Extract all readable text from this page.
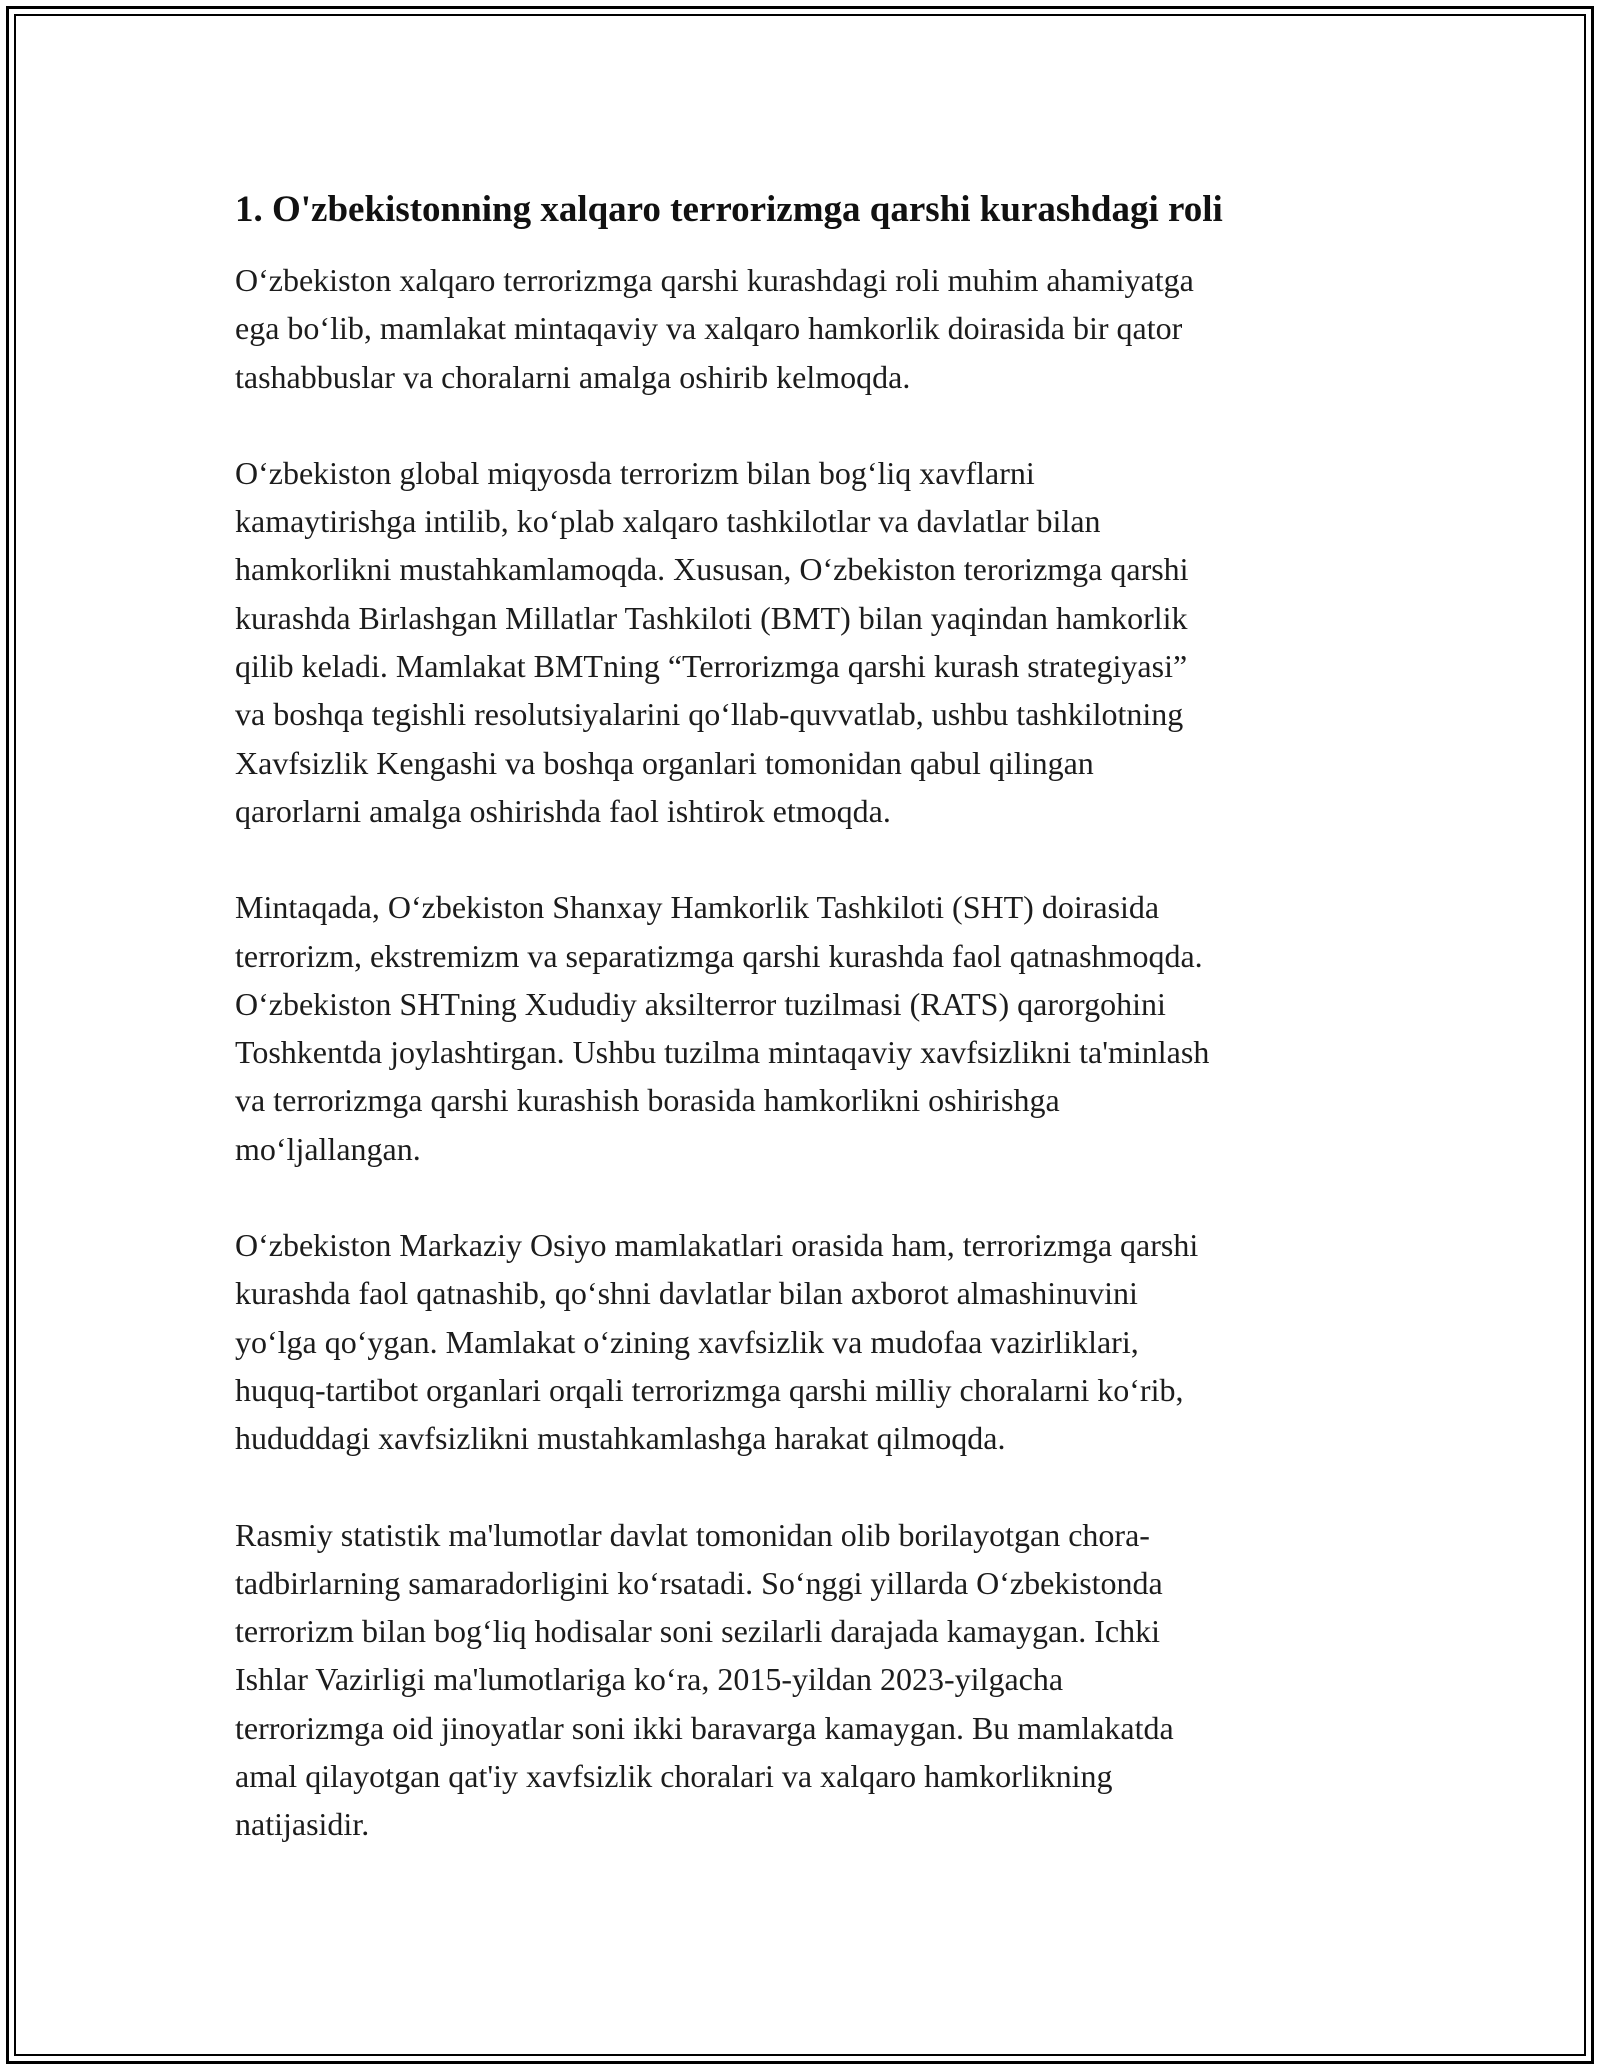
1. O'zbekistonning xalqaro terrorizmga qarshi kurashdagi roli
O‘zbekiston xalqaro terrorizmga qarshi kurashdagi roli muhim ahamiyatga
ega bo‘lib, mamlakat mintaqaviy va xalqaro hamkorlik doirasida bir qator
tashabbuslar va choralarni amalga oshirib kelmoqda.
O‘zbekiston global miqyosda terrorizm bilan bog‘liq xavflarni
kamaytirishga intilib, ko‘plab xalqaro tashkilotlar va davlatlar bilan
hamkorlikni mustahkamlamoqda. Xususan, O‘zbekiston terorizmga qarshi
kurashda Birlashgan Millatlar Tashkiloti (BMT) bilan yaqindan hamkorlik
qilib keladi. Mamlakat BMTning “Terrorizmga qarshi kurash strategiyasi”
va boshqa tegishli resolutsiyalarini qo‘llab-quvvatlab, ushbu tashkilotning
Xavfsizlik Kengashi va boshqa organlari tomonidan qabul qilingan
qarorlarni amalga oshirishda faol ishtirok etmoqda.
Mintaqada, O‘zbekiston Shanxay Hamkorlik Tashkiloti (SHT) doirasida
terrorizm, ekstremizm va separatizmga qarshi kurashda faol qatnashmoqda.
O‘zbekiston SHTning Xududiy aksilterror tuzilmasi (RATS) qarorgohini
Toshkentda joylashtirgan. Ushbu tuzilma mintaqaviy xavfsizlikni ta'minlash
va terrorizmga qarshi kurashish borasida hamkorlikni oshirishga
mo‘ljallangan.
O‘zbekiston Markaziy Osiyo mamlakatlari orasida ham, terrorizmga qarshi
kurashda faol qatnashib, qo‘shni davlatlar bilan axborot almashinuvini
yo‘lga qo‘ygan. Mamlakat o‘zining xavfsizlik va mudofaa vazirliklari,
huquq-tartibot organlari orqali terrorizmga qarshi milliy choralarni ko‘rib,
hududdagi xavfsizlikni mustahkamlashga harakat qilmoqda.
Rasmiy statistik ma'lumotlar davlat tomonidan olib borilayotgan chora-
tadbirlarning samaradorligini ko‘rsatadi. So‘nggi yillarda O‘zbekistonda
terrorizm bilan bog‘liq hodisalar soni sezilarli darajada kamaygan. Ichki
Ishlar Vazirligi ma'lumotlariga ko‘ra, 2015-yildan 2023-yilgacha
terrorizmga oid jinoyatlar soni ikki baravarga kamaygan. Bu mamlakatda
amal qilayotgan qat'iy xavfsizlik choralari va xalqaro hamkorlikning
natijasidir.
